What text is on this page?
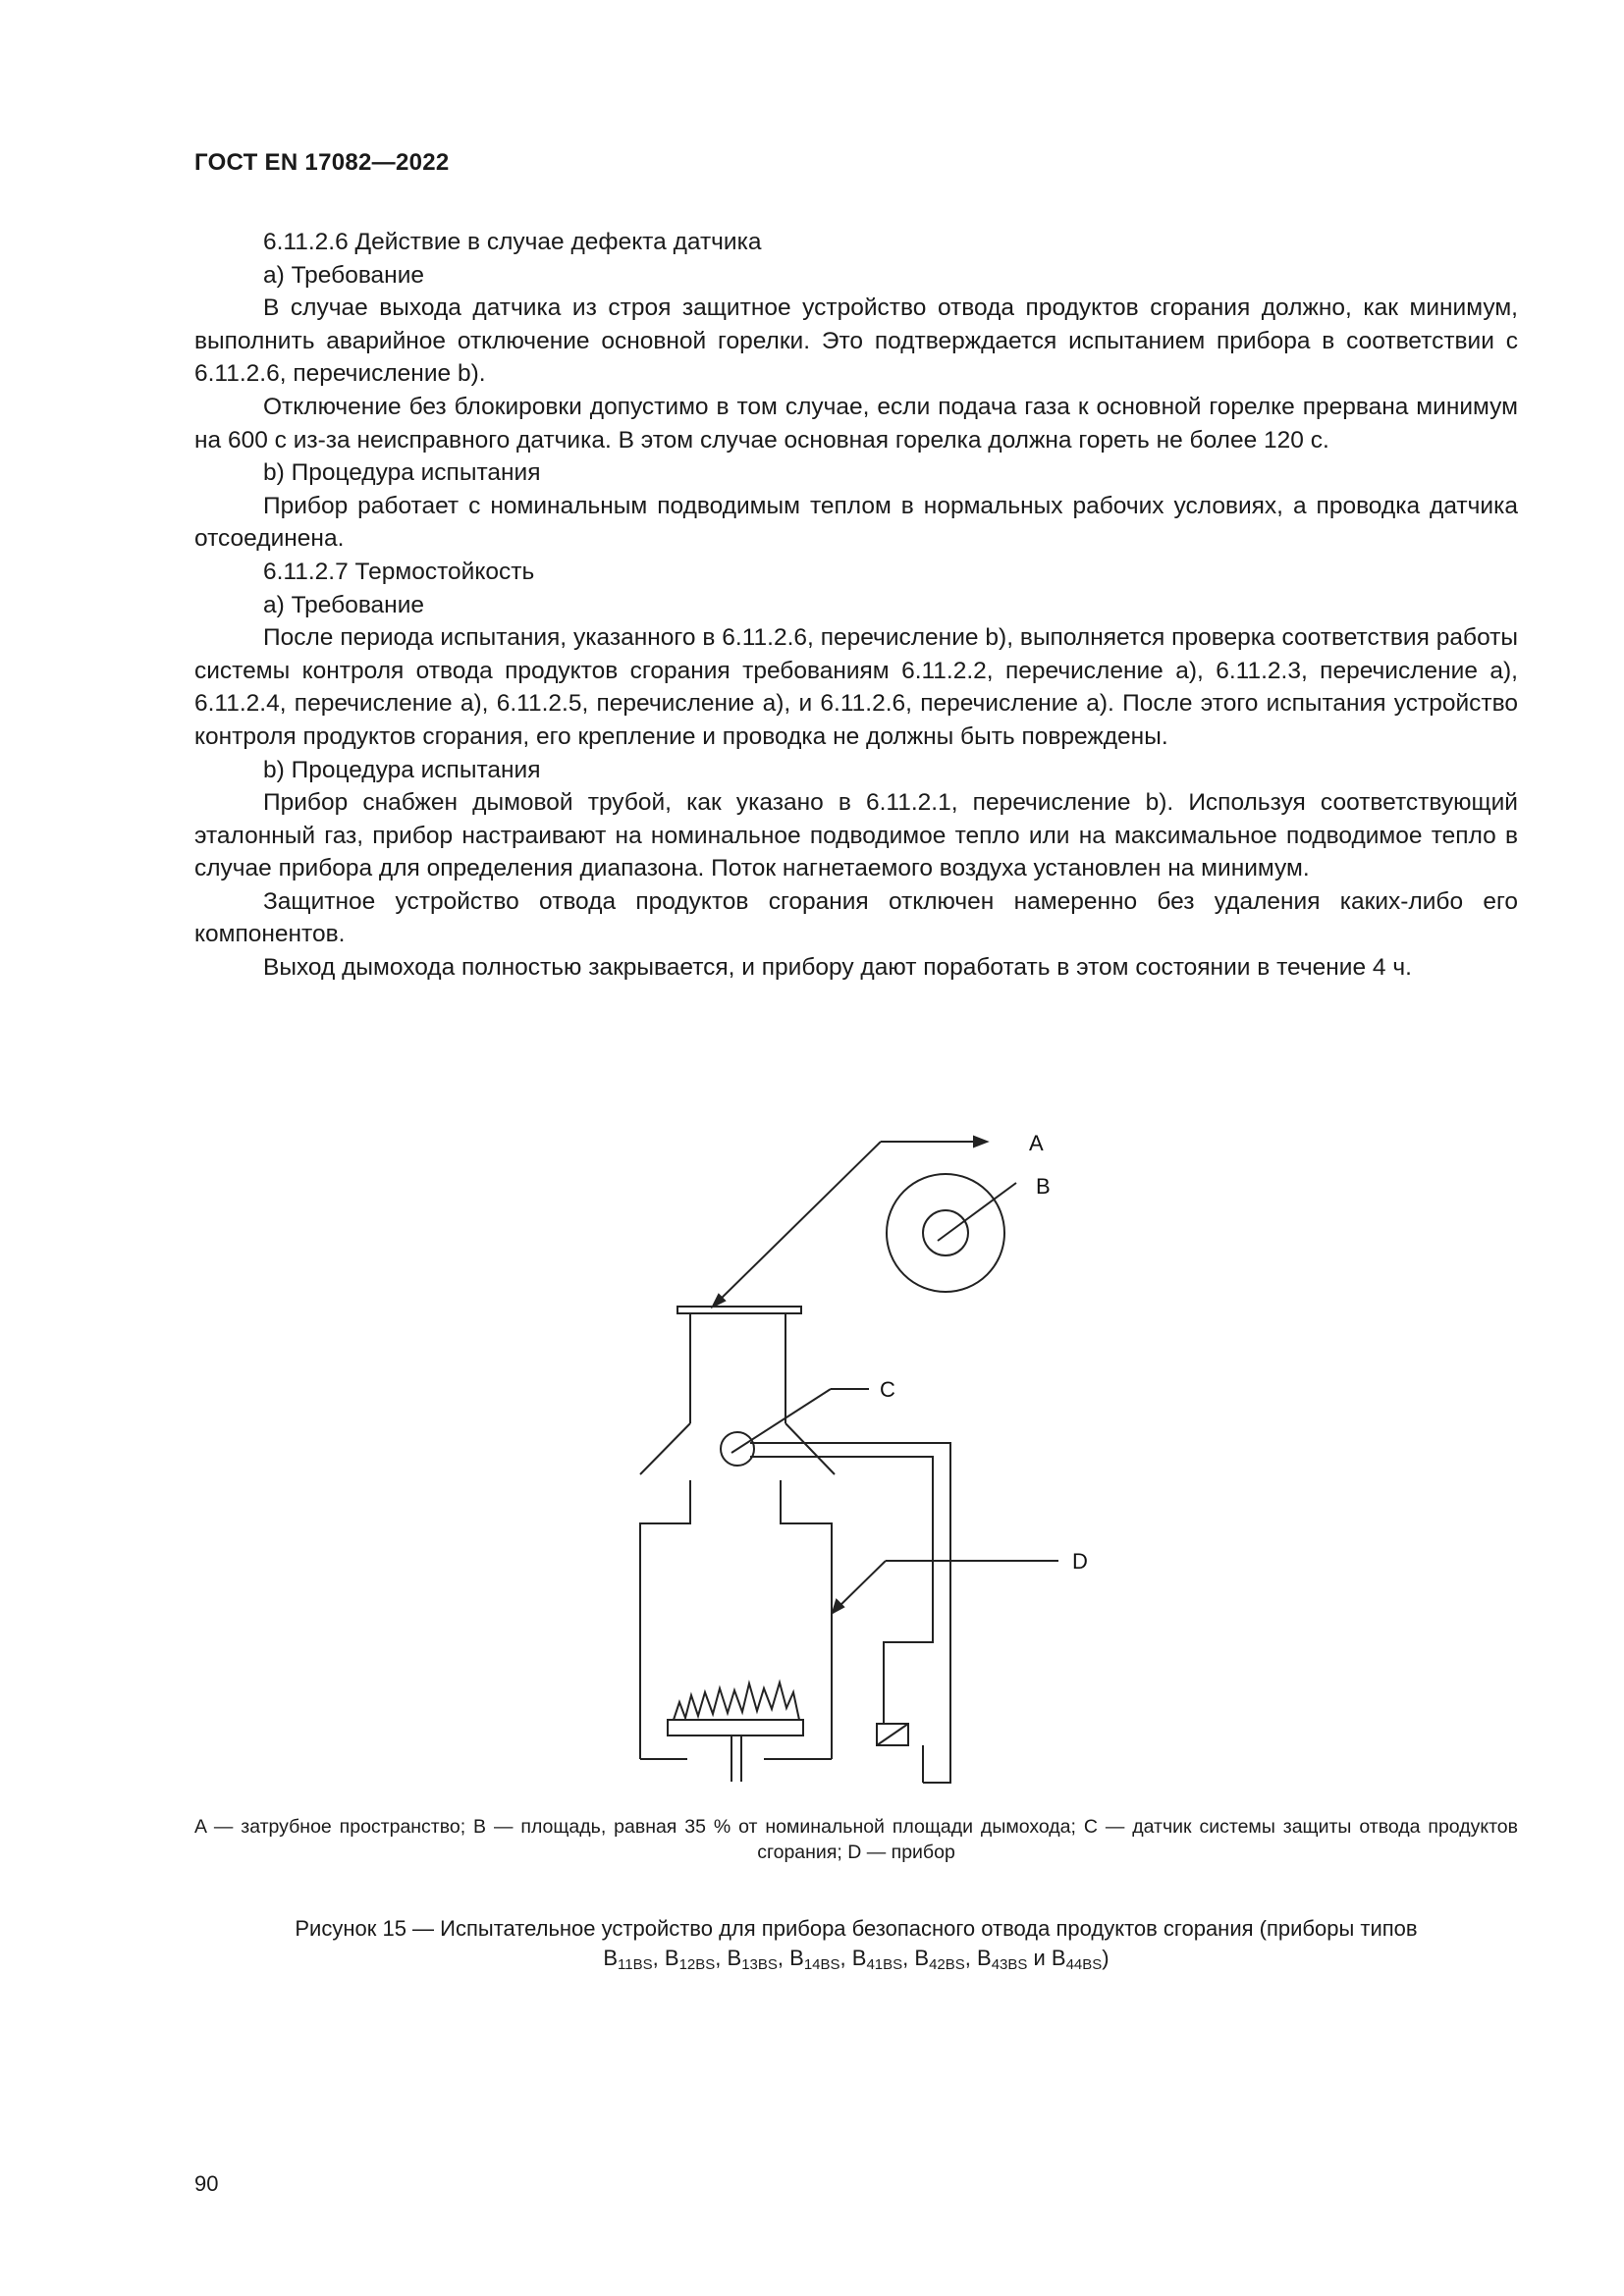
ГОСТ EN 17082—2022

6.11.2.6 Действие в случае дефекта датчика

а) Требование

В случае выхода датчика из строя защитное устройство отвода продуктов сгорания должно, как минимум, выполнить аварийное отключение основной горелки. Это подтверждается испытанием прибора в соответствии с 6.11.2.6, перечисление b).

Отключение без блокировки допустимо в том случае, если подача газа к основной горелке прервана минимум на 600 с из-за неисправного датчика. В этом случае основная горелка должна гореть не более 120 с.

b) Процедура испытания

Прибор работает с номинальным подводимым теплом в нормальных рабочих условиях, а проводка датчика отсоединена.

6.11.2.7 Термостойкость

а) Требование

После периода испытания, указанного в 6.11.2.6, перечисление b), выполняется проверка соответствия работы системы контроля отвода продуктов сгорания требованиям 6.11.2.2, перечисление а), 6.11.2.3, перечисление а), 6.11.2.4, перечисление а), 6.11.2.5, перечисление а), и 6.11.2.6, перечисление а). После этого испытания устройство контроля продуктов сгорания, его крепление и проводка не должны быть повреждены.

b) Процедура испытания

Прибор снабжен дымовой трубой, как указано в 6.11.2.1, перечисление b). Используя соответствующий эталонный газ, прибор настраивают на номинальное подводимое тепло или на максимальное подводимое тепло в случае прибора для определения диапазона. Поток нагнетаемого воздуха установлен на минимум.

Защитное устройство отвода продуктов сгорания отключен намеренно без удаления каких-либо его компонентов.

Выход дымохода полностью закрывается, и прибору дают поработать в этом состоянии в течение 4 ч.

A
B
C
D
A — затрубное пространство; B — площадь, равная 35 % от номинальной площади дымохода; C — датчик системы защиты отвода продуктов сгорания; D — прибор
Рисунок 15 — Испытательное устройство для прибора безопасного отвода продуктов сгорания (приборы типов
$B_{11BS}$, $B_{12BS}$, $B_{13BS}$, $B_{14BS}$, $B_{41BS}$, $B_{42BS}$, $B_{43BS}$ и $B_{44BS}$)
90
